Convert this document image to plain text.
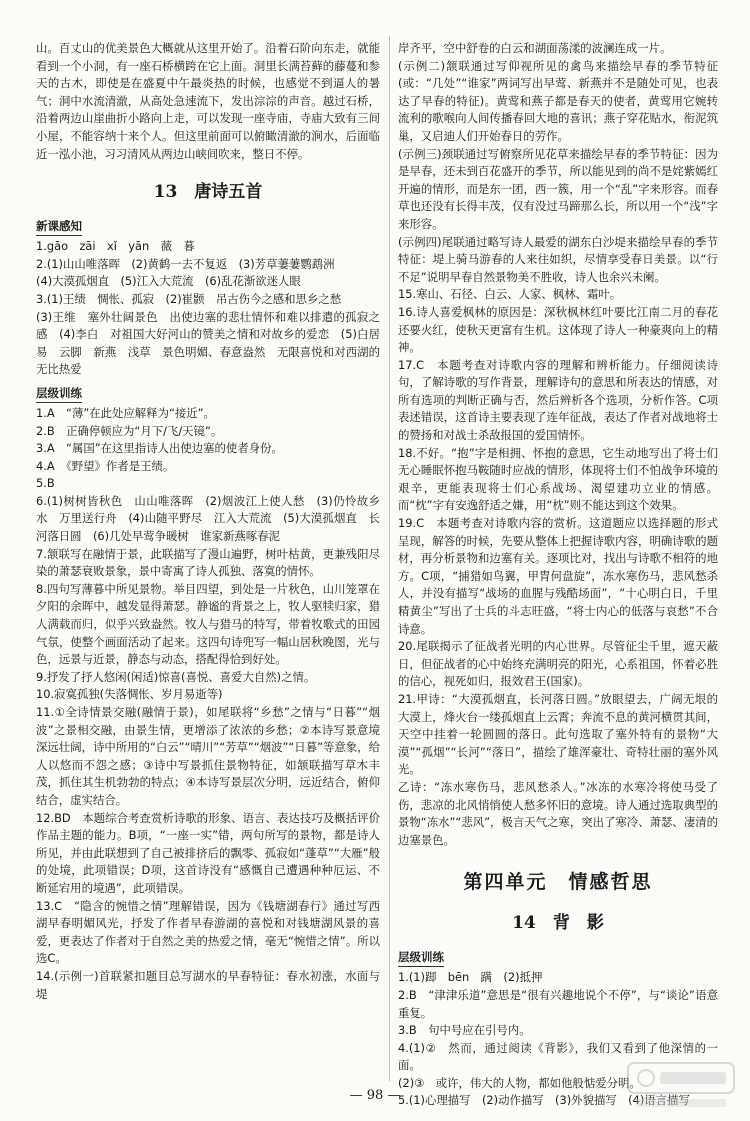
山。百丈山的优美景色大概就从这里开始了。沿着石阶向东走，就能看到一个小洞，有一座石桥横跨在它上面。洞里长满苔藓的藤蔓和参天的古木，即使是在盛夏中午最炎热的时候，也感觉不到逼人的暑气；洞中水流清澈，从高处急速流下，发出淙淙的声音。越过石桥，沿着两边山崖曲折小路向上走，可以发现一座寺庙，寺庙大致有三间小屋，不能容纳十来个人。但这里前面可以俯瞰清澈的涧水，后面临近一泓小池，习习清风从两边山峡间吹来，整日不停。

13　唐诗五首
新课感知

1.gāo　zāi　xǐ　yān　薇　暮

2.(1)山山唯落晖　(2)黄鹤一去不复返　(3)芳草萋萋鹦鹉洲

(4)大漠孤烟直　(5)江入大荒流　(6)乱花渐欲迷人眼

3.(1)王绩　惆怅、孤寂　(2)崔颢　吊古伤今之感和思乡之愁

(3)王维　塞外壮阔景色　出使边塞的悲壮情怀和难以排遣的孤寂之感　(4)李白　对祖国大好河山的赞美之情和对故乡的爱恋　(5)白居易　云脚　新燕　浅草　景色明媚、春意盎然　无限喜悦和对西湖的无比热爱

层级训练

1.A　“薄”在此处应解释为“接近”。

2.B　正确停顿应为“月下/飞/天镜”。

3.A　“属国”在这里指诗人出使边塞的使者身份。

4.A　《野望》作者是王绩。

5.B

6.(1)树树皆秋色　山山唯落晖　(2)烟波江上使人愁　(3)仍怜故乡水　万里送行舟　(4)山随平野尽　江入大荒流　(5)大漠孤烟直　长河落日圆　(6)几处早莺争暖树　谁家新燕啄春泥

7.颔联写在融情于景，此联描写了漫山遍野，树叶枯黄，更兼残阳尽染的萧瑟衰败景象，景中寄寓了诗人孤独、落寞的情怀。

8.四句写薄暮中所见景物。举目四望，到处是一片秋色，山川笼罩在夕阳的余晖中，越发显得萧瑟。静谧的背景之上，牧人驱犊归家，猎人满载而归，似乎兴致盎然。牧人与猎马的特写，带着牧歌式的田园气氛，使整个画面活动了起来。这四句诗兜写一幅山居秋晚图，光与色，远景与近景，静态与动态，搭配得恰到好处。

9.抒发了抒人悠闲(闲适)惊喜(喜悦、喜爱大自然)之情。

10.寂寞孤独(失落惆怅、岁月易逝等)

11.①全诗情景交融(融情于景)，如尾联将“乡愁”之情与“日暮”“烟波”之景相交融，由景生情，更增添了浓浓的乡愁；②本诗写景意境深远壮阔，诗中所用的“白云”“晴川”“芳草”“烟波”“日暮”等意象，给人以悠而不怨之感；③诗中写景抓住景物特征，如颔联描写草木丰茂，抓住其生机勃勃的特点；④本诗写景层次分明，远近结合，俯仰结合，虚实结合。

12.BD　本题综合考查赏析诗歌的形象、语言、表达技巧及概括评价作品主题的能力。B项，“一座一实”错，两句所写的景物，都是诗人所见，并由此联想到了自己被排挤后的飘零、孤寂如“蓬草”“大雁”般的处境，此项错误；D项，这首诗没有“感慨自己遭遇种种厄运、不断延宕用的境遇”，此项错误。

13.C　“隐含的惋惜之情”理解错误，因为《钱塘湖春行》通过写西湖早春明媚风光，抒发了作者早春游湖的喜悦和对钱塘湖风景的喜爱，更表达了作者对于自然之美的热爱之情，毫无“惋惜之情”。所以选C。

14.(示例一)首联紧扣题目总写湖水的早春特征：春水初涨，水面与堤

岸齐平，空中舒卷的白云和湖面荡漾的波澜连成一片。

(示例二)颔联通过写仰视所见的禽鸟来描绘早春的季节特征(或：“几处”“谁家”两词写出早莺、新燕并不是随处可见，也表达了早春的特征)。黄莺和燕子都是春天的使者，黄莺用它婉转流利的歌喉向人间传播春回大地的喜讯；燕子穿花贴水，衔泥筑巢，又启迪人们开始春日的劳作。

(示例三)颈联通过写俯察所见花草来描绘早春的季节特征：因为是早春，还未到百花盛开的季节，所以能见到的尚不是姹紫嫣红开遍的情形，而是东一团，西一簇，用一个“乱”字来形容。而春草也还没有长得丰茂，仅有没过马蹄那么长，所以用一个“浅”字来形容。

(示例四)尾联通过略写诗人最爱的湖东白沙堤来描绘早春的季节特征：堤上骑马游春的人来往如织，尽情享受春日美景。以“行不足”说明早春自然景物美不胜收，诗人也余兴未阑。

15.寒山、石径、白云、人家、枫林、霜叶。

16.诗人喜爱枫林的原因是：深秋枫林红叶要比江南二月的春花还要火红，使秋天更富有生机。这体现了诗人一种豪爽向上的精神。

17.C　本题考查对诗歌内容的理解和辨析能力。仔细阅读诗句，了解诗歌的写作背景，理解诗句的意思和所表达的情感，对所有选项的判断正确与否，然后辨析各个选项，分析作答。C项表述错误，这首诗主要表现了连年征战，表达了作者对战地将士的赞扬和对战士杀敌报国的爱国情怀。

18.不好。“抱”字是相拥、怀抱的意思，它生动地写出了将士们无心睡眠怀抱马鞍随时应战的情形，体现将士们不怕战争环境的艰辛，更能表现将士们心系战场、渴望建功立业的情感。而“枕”字有安逸舒适之嫌，用“枕”则不能达到这个效果。

19.C　本题考查对诗歌内容的赏析。这道题应以选择题的形式呈现，解答的时候，先要从整体上把握诗歌内容，明确诗歌的题材，再分析景物和边塞有关。逐项比对，找出与诗歌不相符的地方。C项，“捕猎如鸟翼，甲胄何盘旋”，冻水寒伤马，悲风愁杀人，并没有描写“战场的血腥与残酷场面”，“十心明白日，千里精黄尘”写出了士兵的斗志旺盛，“将士内心的低落与哀愁”不合诗意。

20.尾联揭示了征战者光明的内心世界。尽管征尘千里，遮天蔽日，但征战者的心中始终充满明亮的阳光，心系祖国，怀着必胜的信心，视死如归，报效君王(国家)。

21.甲诗：“大漠孤烟直，长河落日圆。”放眼望去，广阔无垠的大漠上，烽火台一缕孤烟直上云霄；奔流不息的黄河横贯其间，天空中挂着一轮圆圆的落日。此句选取了塞外特有的景物“大漠”“孤烟”“长河”“落日”，描绘了雄浑豪壮、奇特壮丽的塞外风光。

乙诗：“冻水寒伤马，悲风愁杀人。”冰冻的水寒冷将使马受了伤，悲凉的北风悄悄使人愁多怀旧的意境。诗人通过选取典型的景物“冻水”“悲风”，极言天气之寒，突出了寒冷、萧瑟、凄清的边塞景色。

第四单元　情感哲思
14　背　影
层级训练

1.(1)踋　bēn　蹒　(2)抵押

2.B　“津津乐道”意思是“很有兴趣地说个不停”，与“谈论”语意重复。

3.B　句中号应在引号内。

4.(1)②　然而，通过阅读《背影》，我们又看到了他深情的一面。

(2)③　或许，伟大的人物，都如他般惦爱分明。

5.(1)心理描写　(2)动作描写　(3)外貌描写　(4)语言描写

— 98 —
